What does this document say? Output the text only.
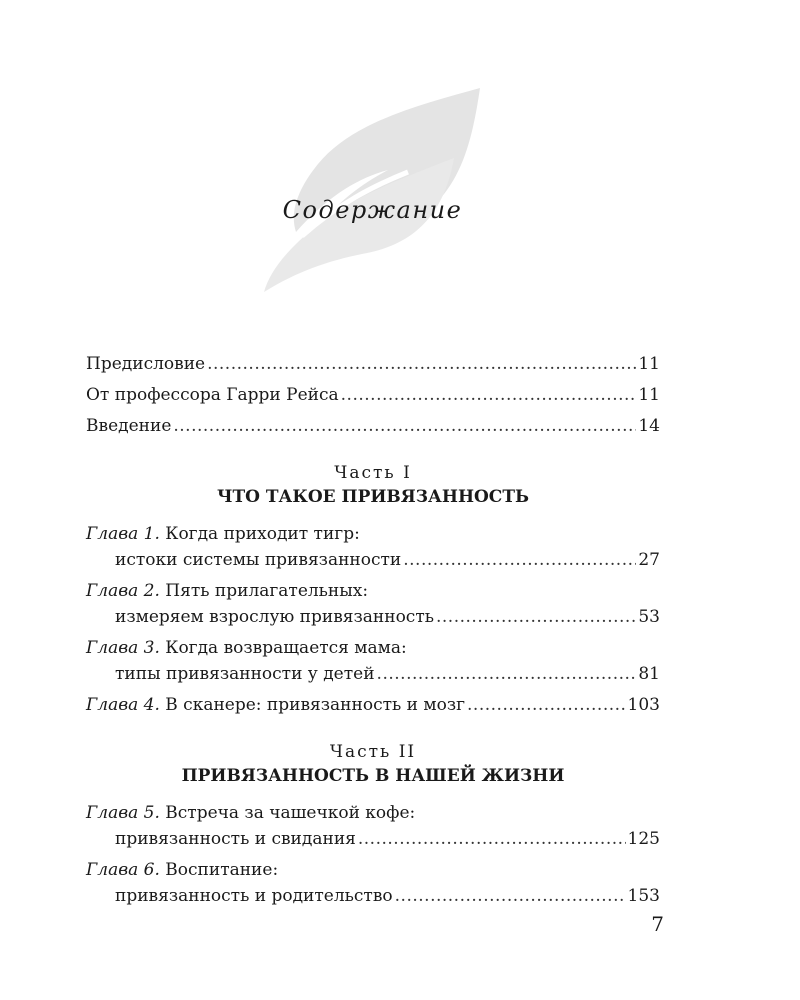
Содержание
Предисловие .....	11
От профессора Гарри Рейса .....	11
Введение .....	14
Часть I
ЧТО ТАКОЕ ПРИВЯЗАННОСТЬ
Глава 1. Когда приходит тигр:
истоки системы привязанности .....	27
Глава 2. Пять прилагательных:
измеряем взрослую привязанность .....	53
Глава 3. Когда возвращается мама:
типы привязанности у детей .....	81
Глава 4. В сканере: привязанность и мозг .....	103
Часть II
ПРИВЯЗАННОСТЬ В НАШЕЙ ЖИЗНИ
Глава 5. Встреча за чашечкой кофе:
привязанность и свидания .....	125
Глава 6. Воспитание:
привязанность и родительство .....	153
7
